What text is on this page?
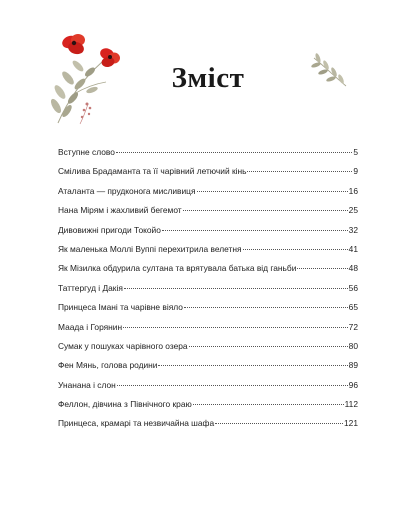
Зміст
Вступне слово	5
Смілива Брадаманта та її чарівний летючий кінь	9
Аталанта — прудконога мисливиця	16
Нана Мірям і жахливий бегемот	25
Дивовижні пригоди Токойо	32
Як маленька Моллі Вуппі перехитрила велетня	41
Як Мізилка обдурила султана та врятувала батька від ганьби	48
Таттергуд і Дакія	56
Принцеса Імані та чарівне віяло	65
Маада і Горянин	72
Сумак у пошуках чарівного озера	80
Фен Мянь, голова родини	89
Унанана і слон	96
Феллон, дівчина з Північного краю	112
Принцеса, крамарі та незвичайна шафа	121
